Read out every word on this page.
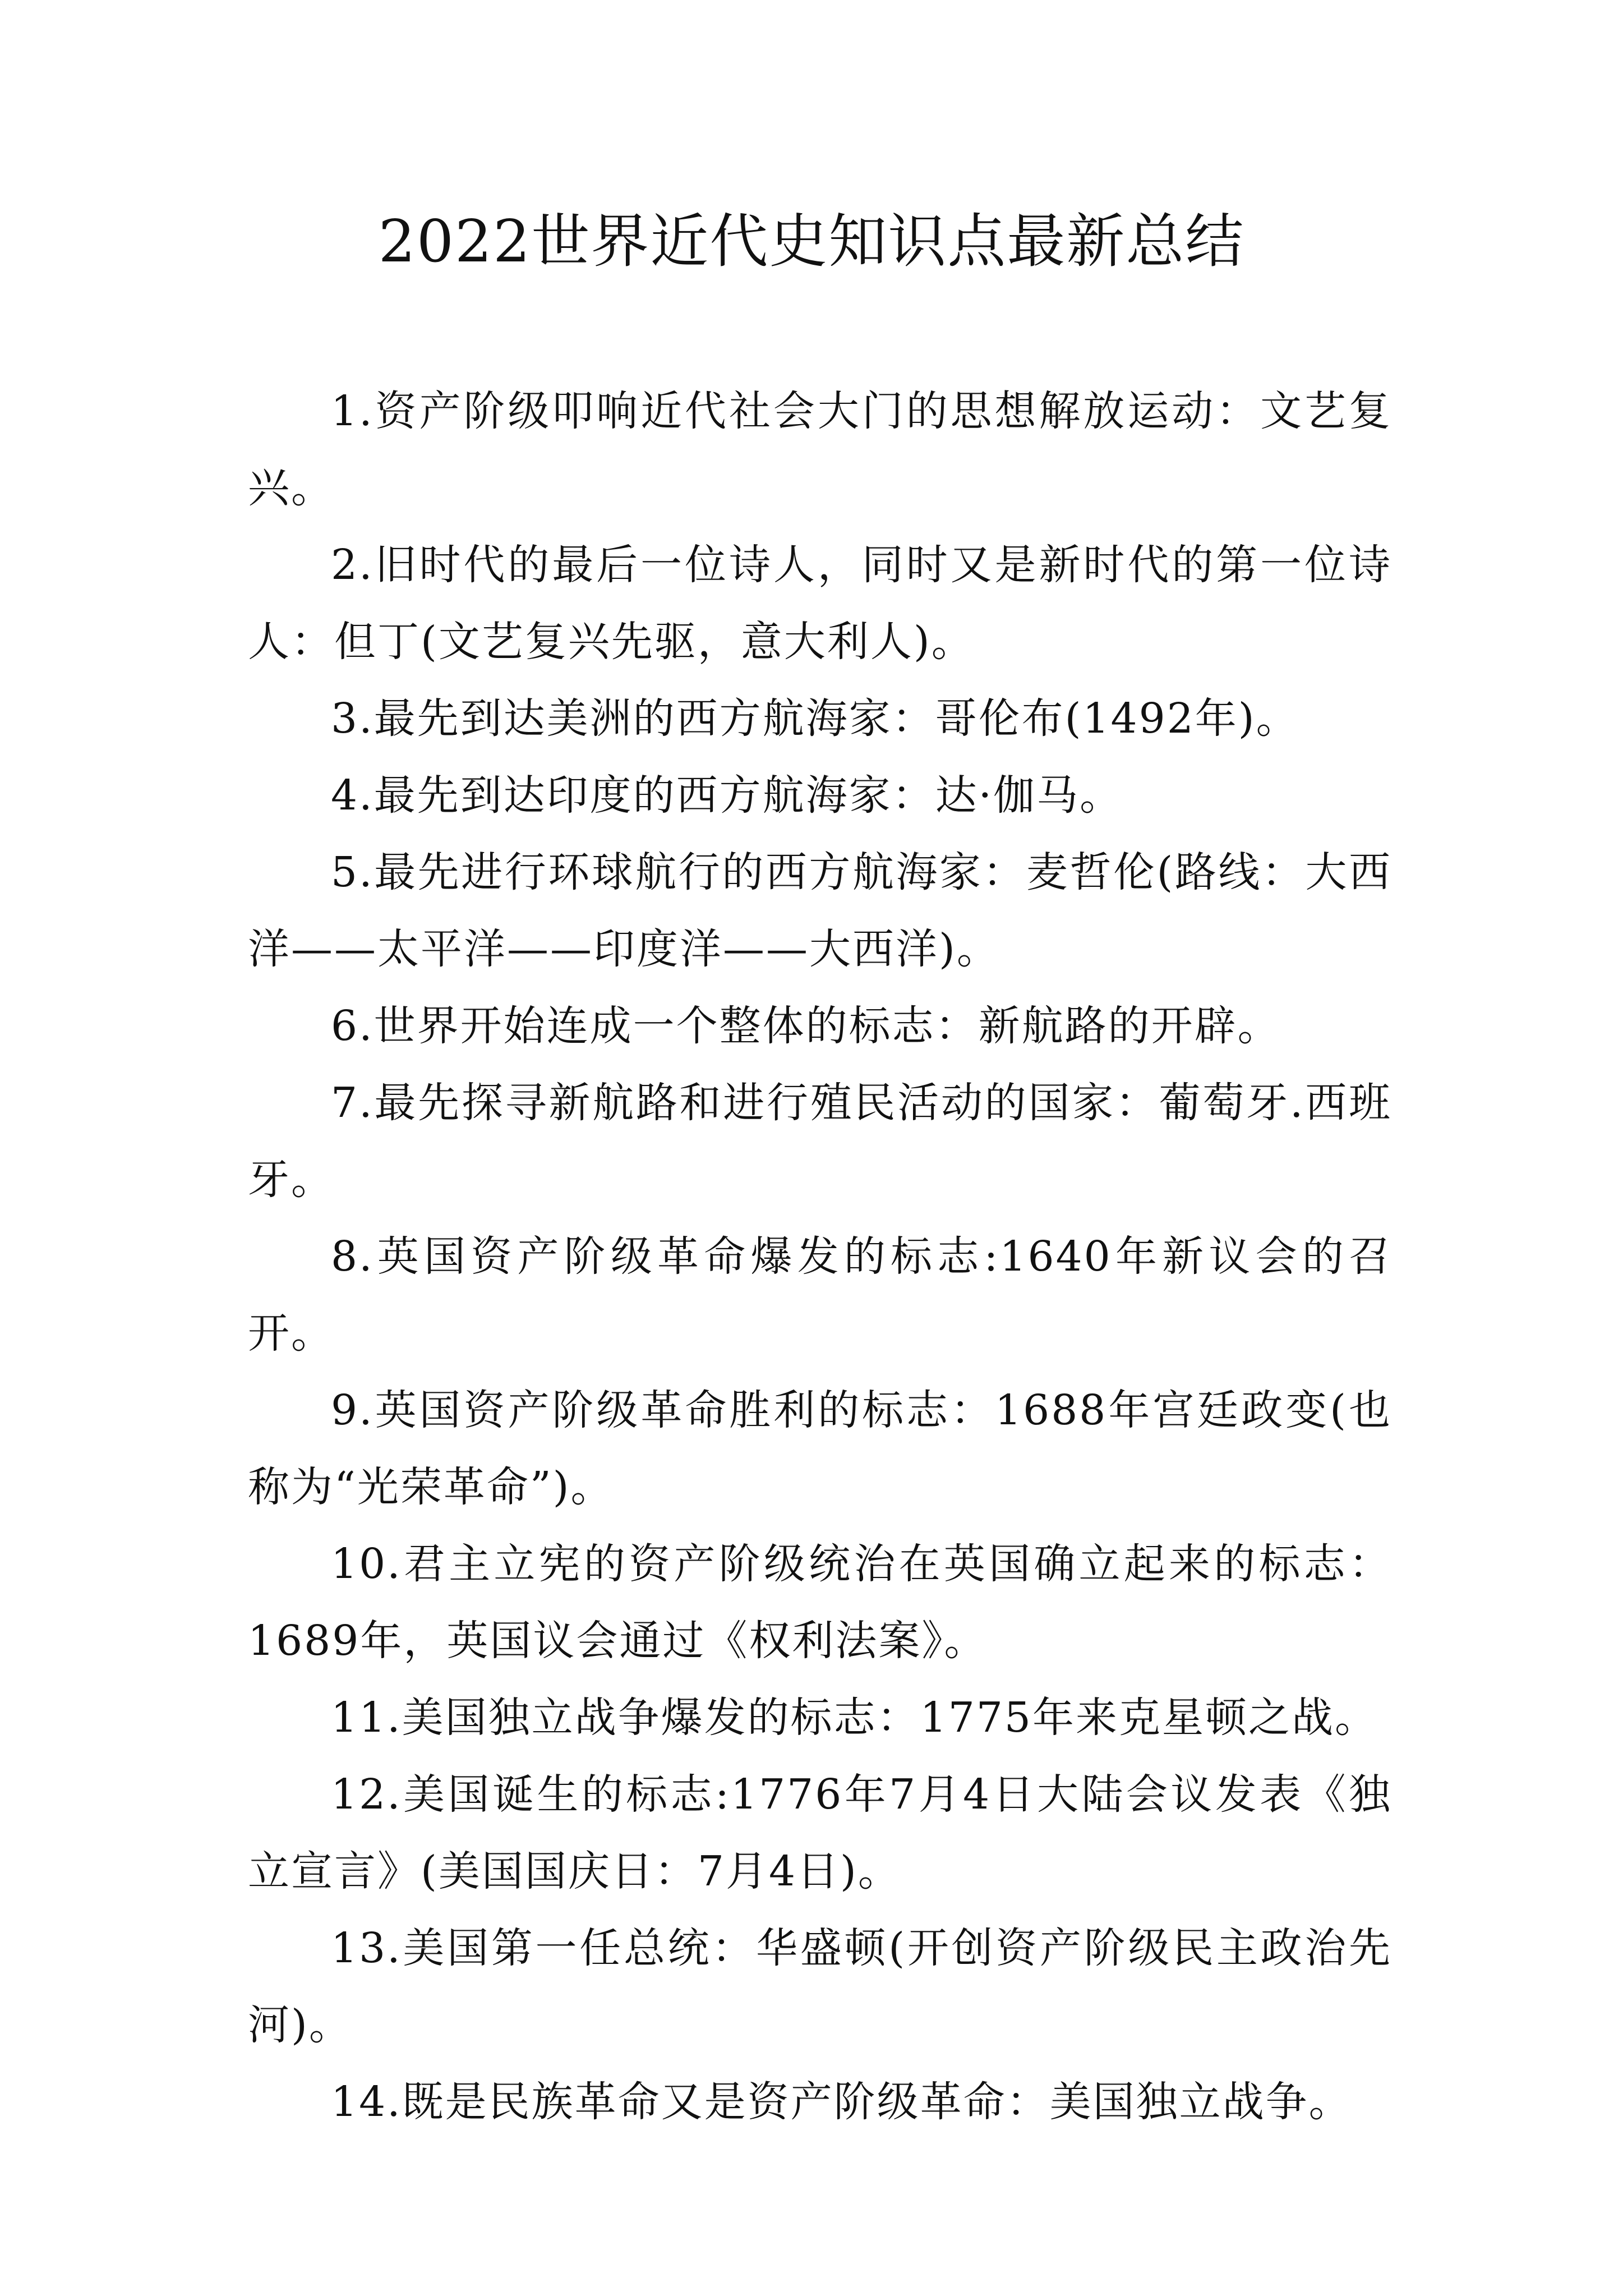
2022世界近代史知识点最新总结

1.资产阶级叩响近代社会大门的思想解放运动：文艺复兴。

2.旧时代的最后一位诗人，同时又是新时代的第一位诗人：但丁(文艺复兴先驱，意大利人)。

3.最先到达美洲的西方航海家：哥伦布(1492年)。

4.最先到达印度的西方航海家：达·伽马。

5.最先进行环球航行的西方航海家：麦哲伦(路线：大西洋——太平洋——印度洋——大西洋)。

6.世界开始连成一个整体的标志：新航路的开辟。

7.最先探寻新航路和进行殖民活动的国家：葡萄牙.西班牙。

8.英国资产阶级革命爆发的标志:1640年新议会的召开。

9.英国资产阶级革命胜利的标志：1688年宫廷政变(也称为“光荣革命”)。

10.君主立宪的资产阶级统治在英国确立起来的标志：1689年，英国议会通过《权利法案》。

11.美国独立战争爆发的标志：1775年来克星顿之战。

12.美国诞生的标志:1776年7月4日大陆会议发表《独立宣言》(美国国庆日：7月4日)。

13.美国第一任总统：华盛顿(开创资产阶级民主政治先河)。

14.既是民族革命又是资产阶级革命：美国独立战争。
